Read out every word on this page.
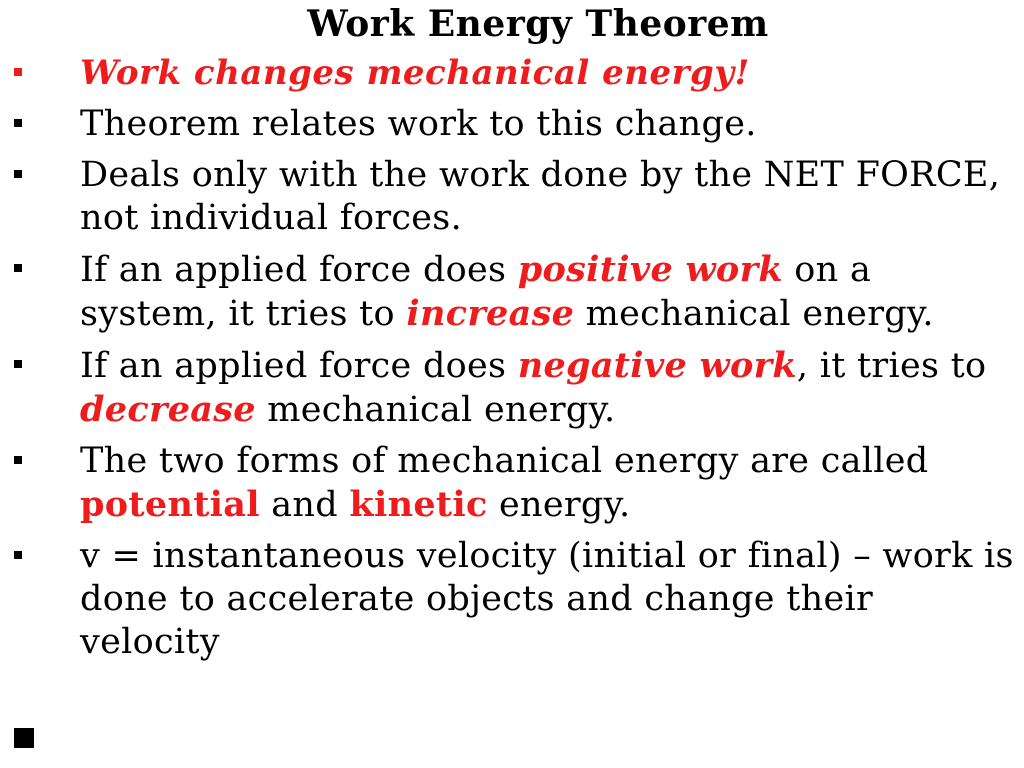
Work Energy Theorem
Work changes mechanical energy!
Theorem relates work to this change.
Deals only with the work done by the NET FORCE, not individual forces.
If an applied force does positive work on a system, it tries to increase mechanical energy.
If an applied force does negative work, it tries to decrease mechanical energy.
The two forms of mechanical energy are called potential and kinetic energy.
v = instantaneous velocity (initial or final) – work is done to accelerate objects and change their velocity
